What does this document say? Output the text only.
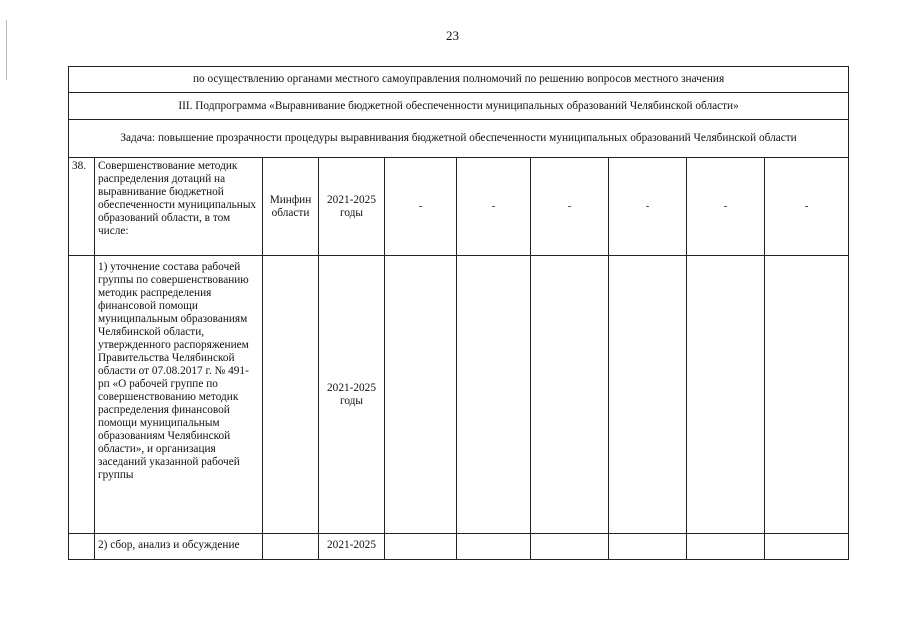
23
по осуществлению органами местного самоуправления полномочий по решению вопросов местного значения									
III. Подпрограмма «Выравнивание бюджетной обеспеченности муниципальных образований Челябинской области»									
Задача: повышение прозрачности процедуры выравнивания бюджетной обеспеченности муниципальных образований Челябинской области									
38.	Совершенствование методик распределения дотаций на выравнивание бюджетной обеспеченности муниципальных образований области, в том числе:	Минфин области	2021-2025 годы	-	-	-	-	-	-
	1) уточнение состава рабочей группы по совершенствованию методик распределения финансовой помощи муниципальным образованиям Челябинской области, утвержденного распоряжением Правительства Челябинской области от 07.08.2017 г. № 491-рп «О рабочей группе по совершенствованию методик распределения финансовой помощи муниципальным образованиям Челябинской области», и организация заседаний указанной рабочей группы		2021-2025 годы						
	2) сбор, анализ и обсуждение		2021-2025						
